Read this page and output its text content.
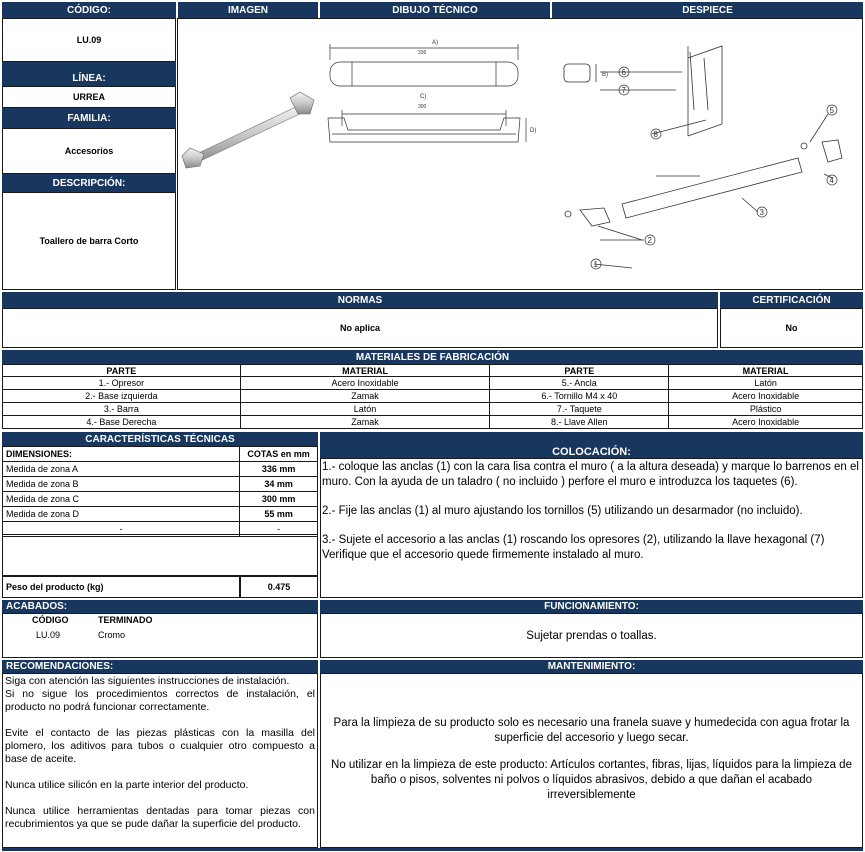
CÓDIGO:	IMAGEN	DIBUJO TÉCNICO	DESPIECE
LU.09
LÍNEA:
URREA
FAMILIA:
Accesorios
DESCRIPCIÓN:
Toallero de barra Corto
A)
336
C)
300
D)
1
2
3
4
5
6
7
8
B)
NORMAS	CERTIFICACIÓN
No aplica	No
MATERIALES DE FABRICACIÓN
PARTE	MATERIAL	PARTE	MATERIAL
1.- Opresor	Acero Inoxidable	5.- Ancla	Latón
2.- Base izquierda	Zamak	6.- Tornillo M4 x 40	Acero Inoxidable
3.- Barra	Latón	7.- Taquete	Plástico
4.- Base Derecha	Zamak	8.- Llave Allen	Acero Inoxidable
CARACTERÍSTICAS TÉCNICAS
COLOCACIÓN:
DIMENSIONES:	COTAS en mm
Medida de zona A	336 mm
Medida de zona B	34 mm
Medida de zona C	300 mm
Medida de zona D	55 mm
-	-
Peso del producto (kg)	0.475
1.- coloque las anclas (1) con la cara lisa contra el muro ( a la altura deseada) y marque lo barrenos en el muro. Con la ayuda de un taladro ( no incluido ) perfore el muro e introduzca los taquetes (6).
2.- Fije las anclas (1) al muro ajustando los tornillos (5) utilizando un desarmador (no incluido).
3.- Sujete el accesorio a las anclas (1) roscando los opresores (2), utilizando la llave hexagonal (7) Verifique que el accesorio quede firmemente instalado al muro.
ACABADOS:	FUNCIONAMIENTO:
CÓDIGO	TERMINADO
LU.09	Cromo	Sujetar prendas o toallas.
RECOMENDACIONES:	MANTENIMIENTO:

Siga con atención las siguientes instrucciones de instalación.

Si no sigue los procedimientos correctos de instalación, el producto no podrá funcionar correctamente.

Evite el contacto de las piezas plásticas con la masilla del plomero, los aditivos para tubos o cualquier otro compuesto a base de aceite.

Nunca utilice silicón en la parte interior del producto.

Nunca utilice herramientas dentadas para tomar piezas con recubrimientos ya que se pude dañar la superficie del producto.

Para la limpieza de su producto solo es necesario una franela suave y humedecida con agua frotar la superficie del accesorio y luego secar.
No utilizar en la limpieza de este producto: Artículos cortantes, fibras, lijas, líquidos para la limpieza de baño o pisos, solventes ni polvos o líquidos abrasivos, debido a que dañan el acabado irreversiblemente
